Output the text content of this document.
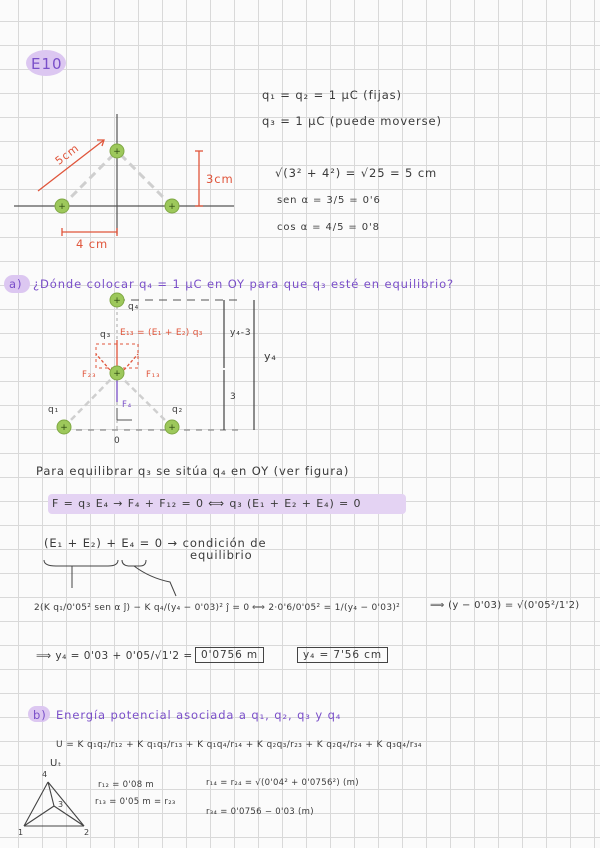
+
+	+
+
+
+	+
E10
q₁ = q₂ = 1 μC (fijas)
q₃ = 1 μC (puede moverse)
√(3² + 4²) = √25 = 5 cm
sen α = 3/5 = 0'6
cos α = 4/5 = 0'8
5cm
3cm
4 cm
a) ¿Dónde colocar q₄ = 1 μC en OY para que q₃ esté en equilibrio?
q₄
E₁₃ = (E₁ + E₂) q₃
q₃
F₂₃	F₁₃
F₄
q₁	q₂
0
y₄-3
3
y₄
Para equilibrar q₃ se sitúa q₄ en OY (ver figura)
F = q₃ E₄ → F₄ + F₁₂ = 0 ⟺ q₃ (E₁ + E₂ + E₄) = 0
(E₁ + E₂) + E₄ = 0 → condición de
equilibrio
2(K q₁/0'05² sen α ĵ) − K q₄/(y₄ − 0'03)² ĵ = 0 ⟺ 2·0'6/0'05² = 1/(y₄ − 0'03)²	⟹ (y − 0'03) = √(0'05²/1'2)
⟹ y₄ = 0'03 + 0'05/√1'2 = 0'0756 m	y₄ = 7'56 cm
b) Energía potencial asociada a q₁, q₂, q₃ y q₄
U = K q₁q₂/r₁₂ + K q₁q₃/r₁₃ + K q₁q₄/r₁₄ + K q₂q₃/r₂₃ + K q₂q₄/r₂₄ + K q₃q₄/r₃₄
Uₜ
r₁₂ = 0'08 m
r₁₃ = 0'05 m = r₂₃
r₁₄ = r₂₄ = √(0'04² + 0'0756²) (m)
r₃₄ = 0'0756 − 0'03 (m)
4
3
1	2
